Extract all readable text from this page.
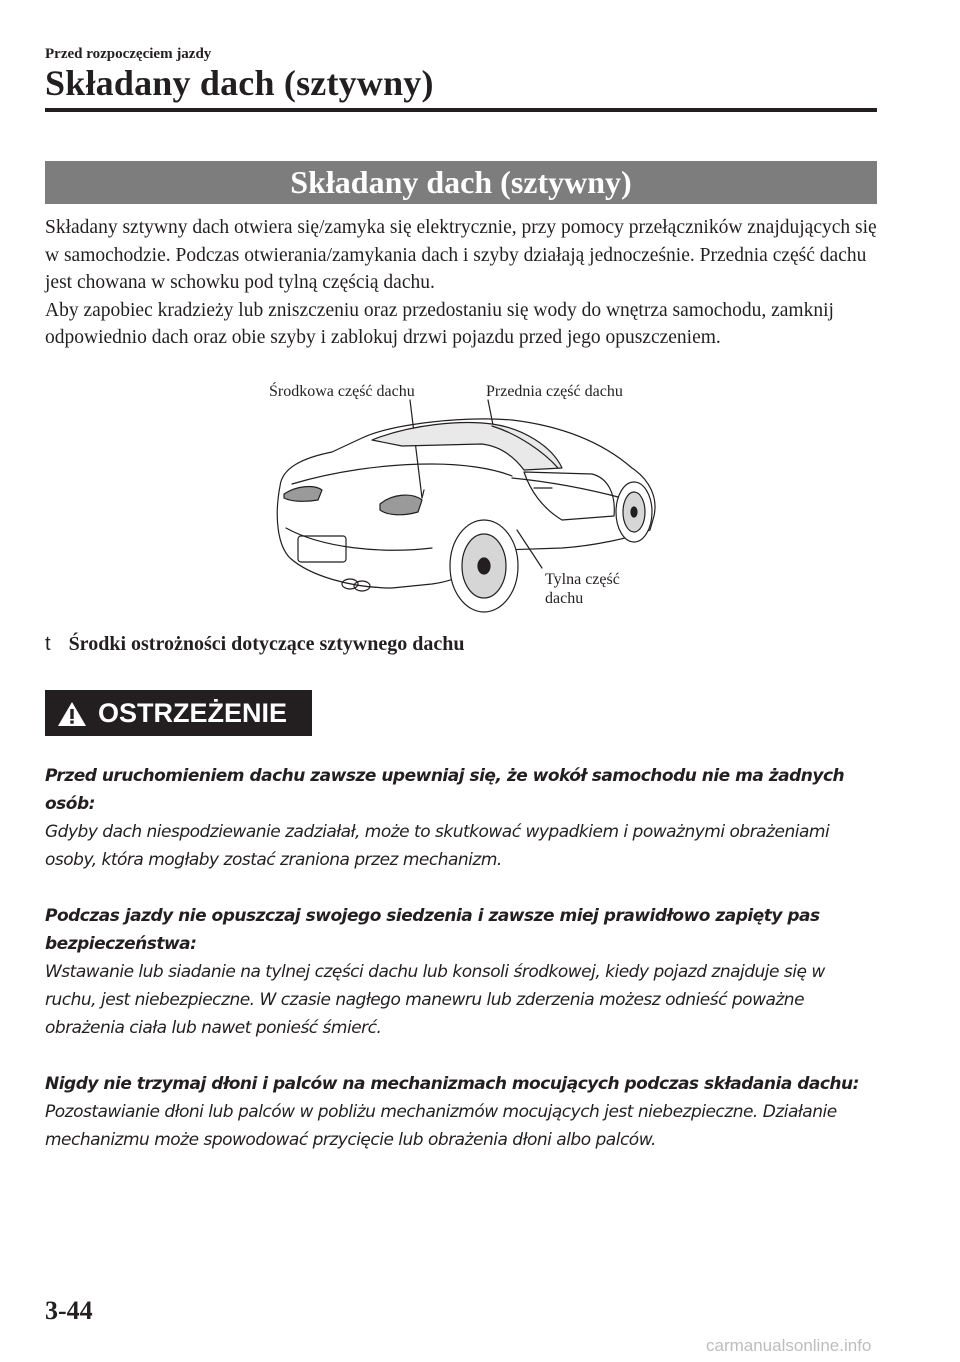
Przed rozpoczęciem jazdy
Składany dach (sztywny)
Składany dach (sztywny)

Składany sztywny dach otwiera się/zamyka się elektrycznie, przy pomocy przełączników znajdujących się w samochodzie. Podczas otwierania/zamykania dach i szyby działają jednocześnie. Przednia część dachu jest chowana w schowku pod tylną częścią dachu.

Aby zapobiec kradzieży lub zniszczeniu oraz przedostaniu się wody do wnętrza samochodu, zamknij odpowiednio dach oraz obie szyby i zablokuj drzwi pojazdu przed jego opuszczeniem.

Środkowa część dachu	Przednia część dachu
Tylna część
dachu
t Środki ostrożności dotyczące sztywnego dachu
OSTRZEŻENIE
Przed uruchomieniem dachu zawsze upewniaj się, że wokół samochodu nie ma żadnych osób:
Gdyby dach niespodziewanie zadziałał, może to skutkować wypadkiem i poważnymi obrażeniami osoby, która mogłaby zostać zraniona przez mechanizm.
Podczas jazdy nie opuszczaj swojego siedzenia i zawsze miej prawidłowo zapięty pas bezpieczeństwa:
Wstawanie lub siadanie na tylnej części dachu lub konsoli środkowej, kiedy pojazd znajduje się w ruchu, jest niebezpieczne. W czasie nagłego manewru lub zderzenia możesz odnieść poważne obrażenia ciała lub nawet ponieść śmierć.
Nigdy nie trzymaj dłoni i palców na mechanizmach mocujących podczas składania dachu:
Pozostawianie dłoni lub palców w pobliżu mechanizmów mocujących jest niebezpieczne. Działanie mechanizmu może spowodować przycięcie lub obrażenia dłoni albo palców.
3-44
carmanualsonline.info
